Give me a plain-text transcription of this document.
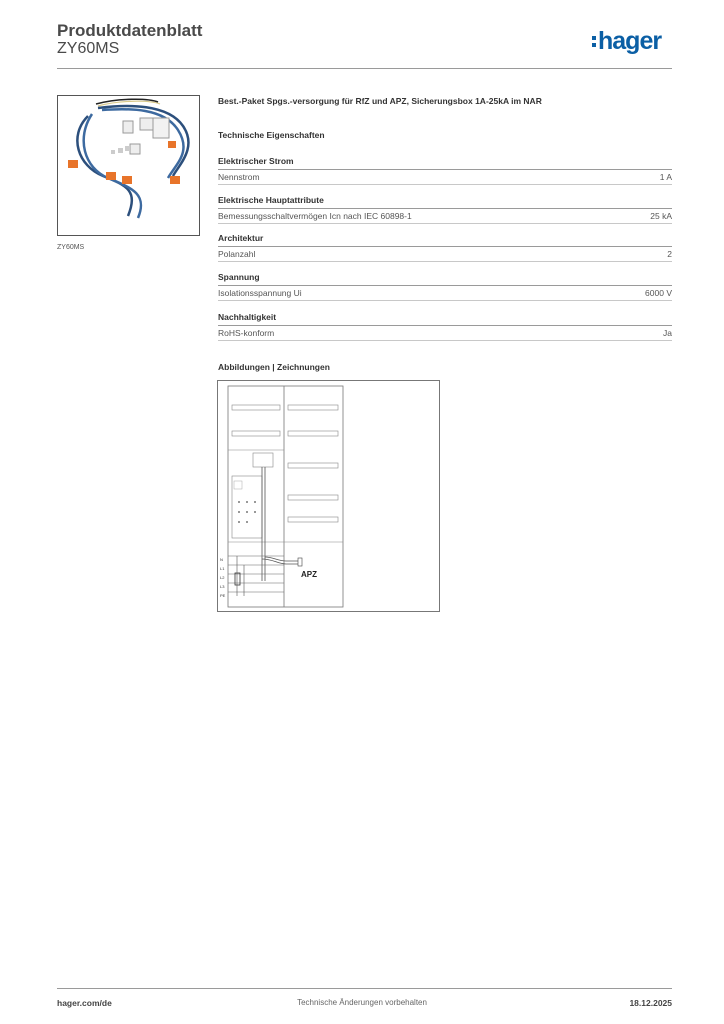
Produktdatenblatt
ZY60MS	hager
ZY60MS
Best.-Paket Spgs.-versorgung für RfZ und APZ, Sicherungsbox 1A-25kA im NAR
Technische Eigenschaften
Elektrischer Strom
Nennstrom	1 A
Elektrische Hauptattribute
Bemessungsschaltvermögen Icn nach IEC 60898-1	25 kA
Architektur
Polanzahl	2
Spannung
Isolationsspannung Ui	6000 V
Nachhaltigkeit
RoHS-konform	Ja
Abbildungen | Zeichnungen
N
L1
L2
L3
PE
APZ
hager.com/de	Technische Änderungen vorbehalten	18.12.2025
